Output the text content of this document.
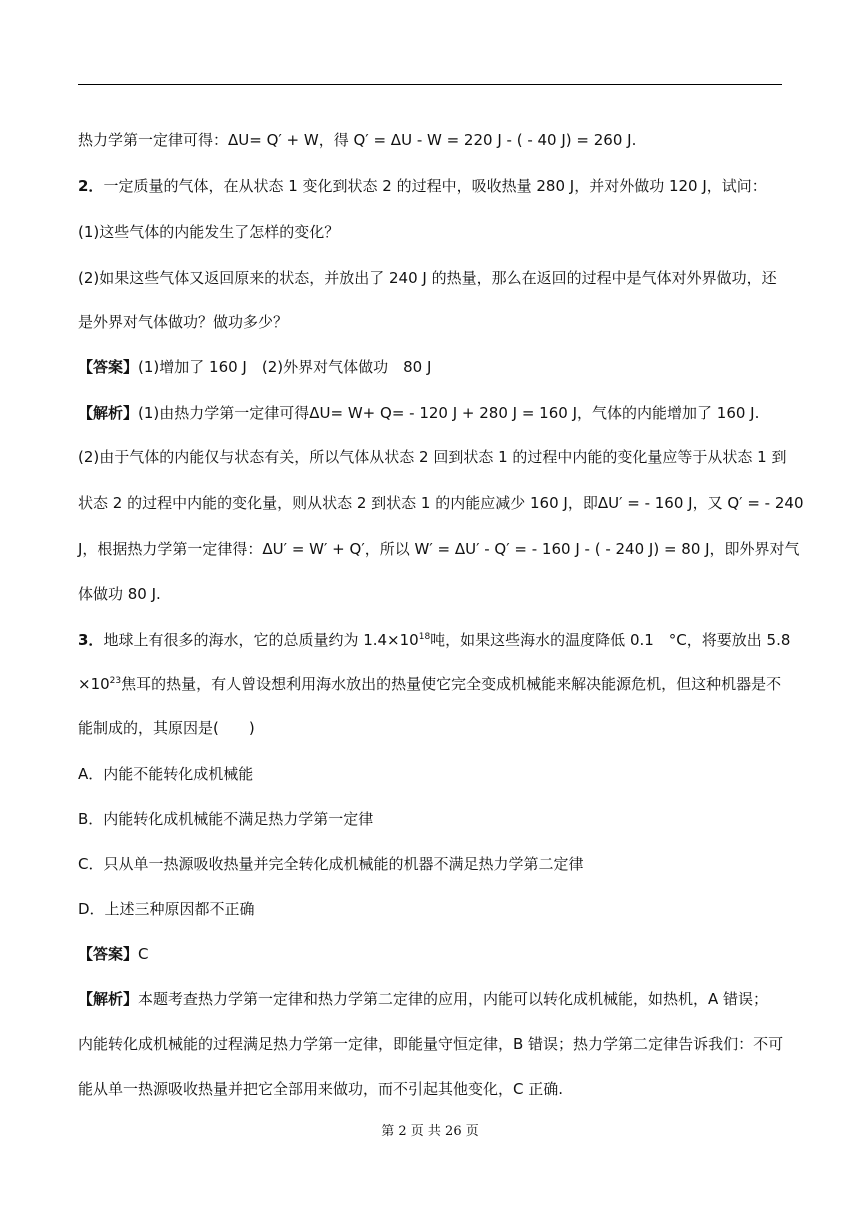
热力学第一定律可得：ΔU= Q′ + W，得 Q′ = ΔU - W = 220 J - ( - 40 J) = 260 J.
2．一定质量的气体，在从状态 1 变化到状态 2 的过程中，吸收热量 280 J，并对外做功 120 J，试问：
(1)这些气体的内能发生了怎样的变化？
(2)如果这些气体又返回原来的状态，并放出了 240 J 的热量，那么在返回的过程中是气体对外界做功，还
是外界对气体做功？做功多少？
【答案】(1)增加了 160 J　(2)外界对气体做功　80 J
【解析】(1)由热力学第一定律可得ΔU= W+ Q= - 120 J + 280 J = 160 J，气体的内能增加了 160 J.
(2)由于气体的内能仅与状态有关，所以气体从状态 2 回到状态 1 的过程中内能的变化量应等于从状态 1 到
状态 2 的过程中内能的变化量，则从状态 2 到状态 1 的内能应减少 160 J，即ΔU′ = - 160 J，又 Q′ = - 240
J，根据热力学第一定律得：ΔU′ = W′ + Q′，所以 W′ = ΔU′ - Q′ = - 160 J - ( - 240 J) = 80 J，即外界对气
体做功 80 J.
3．地球上有很多的海水，它的总质量约为 $1.4\times 10^{18}$吨，如果这些海水的温度降低 0.1　°C，将要放出 5.8
$\times 10^{23}$焦耳的热量，有人曾设想利用海水放出的热量使它完全变成机械能来解决能源危机，但这种机器是不
能制成的，其原因是(　　)
A．内能不能转化成机械能
B．内能转化成机械能不满足热力学第一定律
C．只从单一热源吸收热量并完全转化成机械能的机器不满足热力学第二定律
D．上述三种原因都不正确
【答案】C
【解析】本题考查热力学第一定律和热力学第二定律的应用，内能可以转化成机械能，如热机，A 错误；
内能转化成机械能的过程满足热力学第一定律，即能量守恒定律，B 错误；热力学第二定律告诉我们：不可
能从单一热源吸收热量并把它全部用来做功，而不引起其他变化，C 正确.
第 2 页 共 26 页
